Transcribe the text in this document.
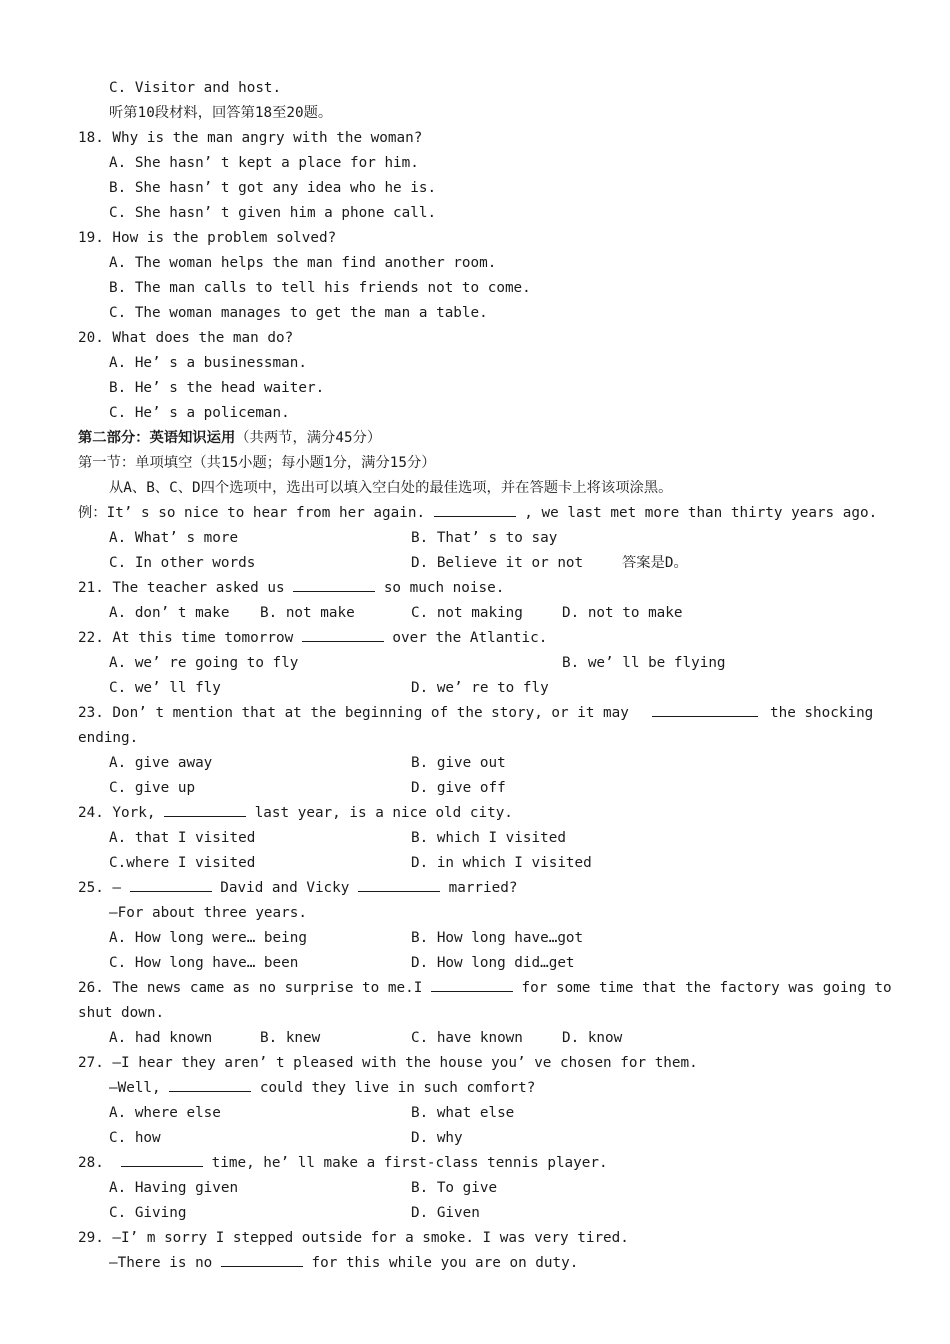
C. Visitor and host.
听第10段材料，回答第18至20题。
18. Why is the man angry with the woman?
A. She hasn’ t kept a place for him.
B. She hasn’ t got any idea who he is.
C. She hasn’ t given him a phone call.
19. How is the problem solved?
A. The woman helps the man find another room.
B. The man calls to tell his friends not to come.
C. The woman manages to get the man a table.
20. What does the man do?
A. He’ s a businessman.
B. He’ s the head waiter.
C. He’ s a policeman.
第二部分：英语知识运用（共两节，满分45分）
第一节：单项填空（共15小题；每小题1分，满分15分）
从A、B、C、D四个选项中，选出可以填入空白处的最佳选项，并在答题卡上将该项涂黑。
例：It’ s so nice to hear from her again.	, we last met more than thirty years ago.
A. What’ s more	B. That’ s to say
C. In other words	D. Believe it or not	答案是D。
21. The teacher asked us	so much noise.
A. don’ t make B. not make	C. not making	D. not to make
22. At this time tomorrow	over the Atlantic.
A. we’ re going to fly	B. we’ ll be flying
C. we’ ll fly	D. we’ re to fly
23. Don’ t mention that at the beginning of the story, or it may	the shocking
ending.
A. give away	B. give out
C. give up	D. give off
24. York,	last year, is a nice old city.
A. that I visited	B. which I visited
C.where I visited	D. in which I visited
25. —	David and Vicky	married?
—For about three years.
A. How long were… being	B. How long have…got
C. How long have… been	D. How long did…get
26. The news came as no surprise to me.I	for some time that the factory was going to
shut down.
A. had known	B. knew	C. have known	D. know
27. —I hear they aren’ t pleased with the house you’ ve chosen for them.
—Well,	could they live in such comfort?
A. where else	B. what else
C. how	D. why
28.	time, he’ ll make a first-class tennis player.
A. Having given	B. To give
C. Giving	D. Given
29. —I’ m sorry I stepped outside for a smoke. I was very tired.
—There is no	for this while you are on duty.
